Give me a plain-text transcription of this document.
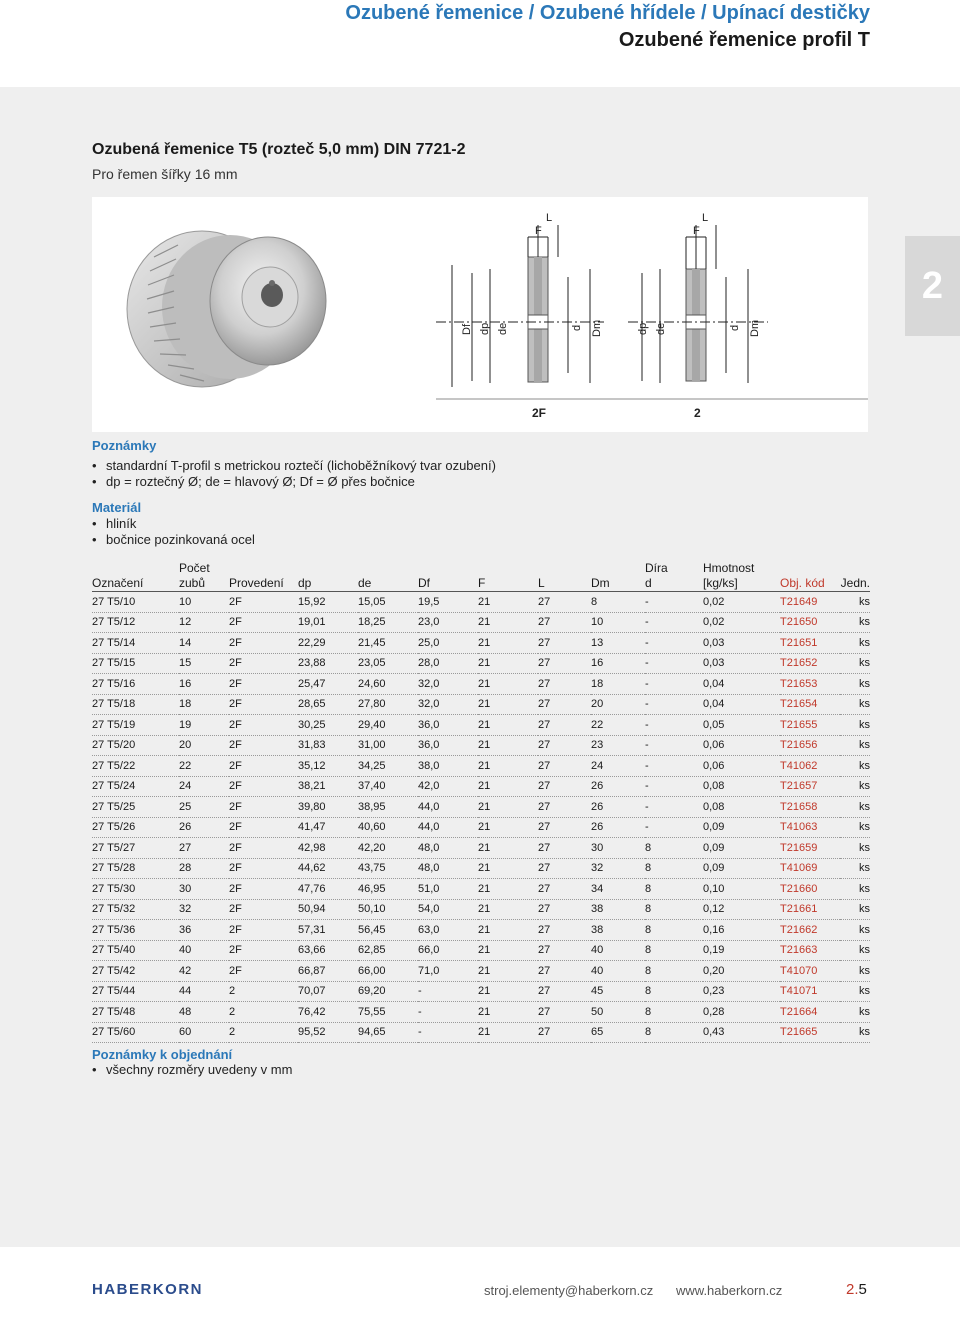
Ozubené řemenice / Ozubené hřídele / Upínací destičky
Ozubené řemenice profil T
2
Ozubená řemenice T5 (rozteč 5,0 mm) DIN 7721-2
Pro řemen šířky 16 mm
L
F
Df dp de	d Dm
L
F
dp de	d Dm
2F	2
Poznámky
• standardní T-profil s metrickou roztečí (lichoběžníkový tvar ozubení)
• dp = roztečný Ø; de = hlavový Ø; Df = Ø přes bočnice
Materiál
• hliník
• bočnice pozinkovaná ocel
Označení	Počet
zubů	Provedení	dp	de	Df	F	L	Dm	Díra
d	Hmotnost
[kg/ks]	Obj. kód	Jedn.
27 T5/10	10	2F	15,92	15,05	19,5	21	27	8	-	0,02	T21649	ks
27 T5/12	12	2F	19,01	18,25	23,0	21	27	10	-	0,02	T21650	ks
27 T5/14	14	2F	22,29	21,45	25,0	21	27	13	-	0,03	T21651	ks
27 T5/15	15	2F	23,88	23,05	28,0	21	27	16	-	0,03	T21652	ks
27 T5/16	16	2F	25,47	24,60	32,0	21	27	18	-	0,04	T21653	ks
27 T5/18	18	2F	28,65	27,80	32,0	21	27	20	-	0,04	T21654	ks
27 T5/19	19	2F	30,25	29,40	36,0	21	27	22	-	0,05	T21655	ks
27 T5/20	20	2F	31,83	31,00	36,0	21	27	23	-	0,06	T21656	ks
27 T5/22	22	2F	35,12	34,25	38,0	21	27	24	-	0,06	T41062	ks
27 T5/24	24	2F	38,21	37,40	42,0	21	27	26	-	0,08	T21657	ks
27 T5/25	25	2F	39,80	38,95	44,0	21	27	26	-	0,08	T21658	ks
27 T5/26	26	2F	41,47	40,60	44,0	21	27	26	-	0,09	T41063	ks
27 T5/27	27	2F	42,98	42,20	48,0	21	27	30	8	0,09	T21659	ks
27 T5/28	28	2F	44,62	43,75	48,0	21	27	32	8	0,09	T41069	ks
27 T5/30	30	2F	47,76	46,95	51,0	21	27	34	8	0,10	T21660	ks
27 T5/32	32	2F	50,94	50,10	54,0	21	27	38	8	0,12	T21661	ks
27 T5/36	36	2F	57,31	56,45	63,0	21	27	38	8	0,16	T21662	ks
27 T5/40	40	2F	63,66	62,85	66,0	21	27	40	8	0,19	T21663	ks
27 T5/42	42	2F	66,87	66,00	71,0	21	27	40	8	0,20	T41070	ks
27 T5/44	44	2	70,07	69,20	-	21	27	45	8	0,23	T41071	ks
27 T5/48	48	2	76,42	75,55	-	21	27	50	8	0,28	T21664	ks
27 T5/60	60	2	95,52	94,65	-	21	27	65	8	0,43	T21665	ks
Poznámky k objednání
• všechny rozměry uvedeny v mm
HABERKORN	stroj.elementy@haberkorn.cz www.haberkorn.cz	2.5
